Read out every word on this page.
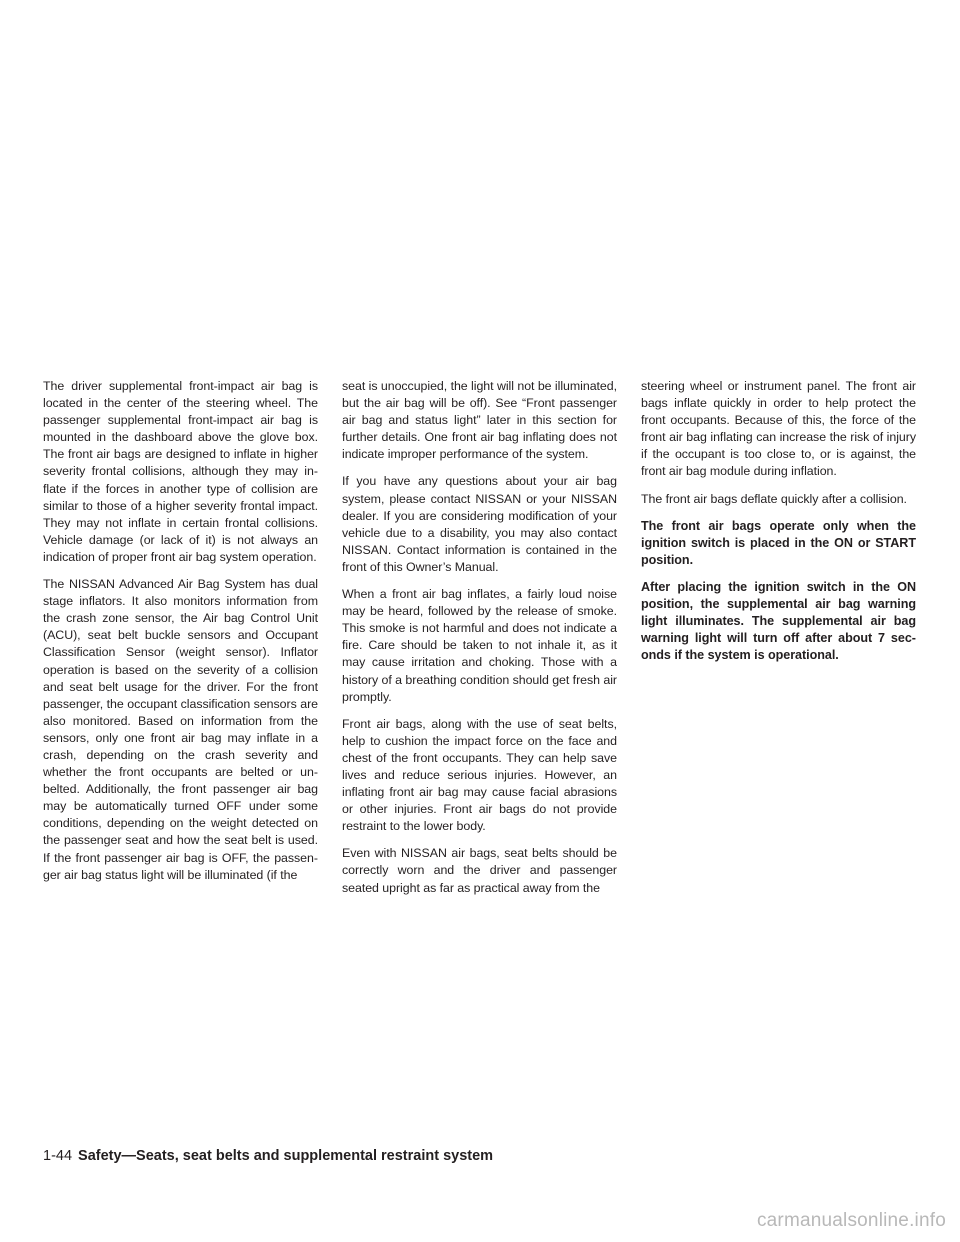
The driver supplemental front-impact air bag is located in the center of the steering wheel. The passenger supplemental front-impact air bag is mounted in the dashboard above the glove box. The front air bags are designed to inflate in higher severity frontal collisions, although they may inflate if the forces in another type of collision are similar to those of a higher severity frontal impact. They may not inflate in certain frontal collisions. Vehicle damage (or lack of it) is not always an indication of proper front air bag system operation.

The NISSAN Advanced Air Bag System has dual stage inflators. It also monitors information from the crash zone sensor, the Air bag Control Unit (ACU), seat belt buckle sensors and Occupant Classification Sensor (weight sensor). Inflator operation is based on the severity of a collision and seat belt usage for the driver. For the front passenger, the occupant classification sensors are also monitored. Based on information from the sensors, only one front air bag may inflate in a crash, depending on the crash severity and whether the front occupants are belted or unbelted. Additionally, the front passenger air bag may be automatically turned OFF under some conditions, depending on the weight detected on the passenger seat and how the seat belt is used. If the front passenger air bag is OFF, the passenger air bag status light will be illuminated (if the

seat is unoccupied, the light will not be illuminated, but the air bag will be off). See “Front passenger air bag and status light” later in this section for further details. One front air bag inflating does not indicate improper performance of the system.

If you have any questions about your air bag system, please contact NISSAN or your NISSAN dealer. If you are considering modification of your vehicle due to a disability, you may also contact NISSAN. Contact information is contained in the front of this Owner’s Manual.

When a front air bag inflates, a fairly loud noise may be heard, followed by the release of smoke. This smoke is not harmful and does not indicate a fire. Care should be taken to not inhale it, as it may cause irritation and choking. Those with a history of a breathing condition should get fresh air promptly.

Front air bags, along with the use of seat belts, help to cushion the impact force on the face and chest of the front occupants. They can help save lives and reduce serious injuries. However, an inflating front air bag may cause facial abrasions or other injuries. Front air bags do not provide restraint to the lower body.

Even with NISSAN air bags, seat belts should be correctly worn and the driver and passenger seated upright as far as practical away from the

steering wheel or instrument panel. The front air bags inflate quickly in order to help protect the front occupants. Because of this, the force of the front air bag inflating can increase the risk of injury if the occupant is too close to, or is against, the front air bag module during inflation.

The front air bags deflate quickly after a collision.

The front air bags operate only when the ignition switch is placed in the ON or START position.

After placing the ignition switch in the ON position, the supplemental air bag warning light illuminates. The supplemental air bag warning light will turn off after about 7 seconds if the system is operational.

1-44 Safety—Seats, seat belts and supplemental restraint system
carmanualsonline.info
